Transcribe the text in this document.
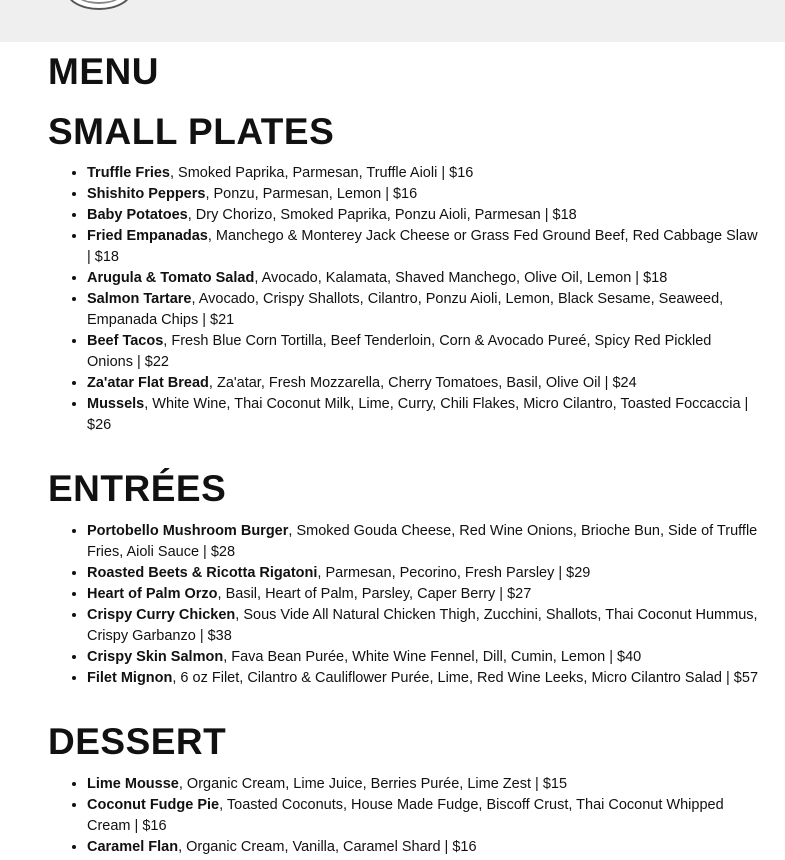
MENU
SMALL PLATES
• Truffle Fries, Smoked Paprika, Parmesan, Truffle Aioli | $16
• Shishito Peppers, Ponzu, Parmesan, Lemon | $16
• Baby Potatoes, Dry Chorizo, Smoked Paprika, Ponzu Aioli, Parmesan | $18
• Fried Empanadas, Manchego & Monterey Jack Cheese or Grass Fed Ground Beef, Red Cabbage Slaw | $18
• Arugula & Tomato Salad, Avocado, Kalamata, Shaved Manchego, Olive Oil, Lemon | $18
• Salmon Tartare, Avocado, Crispy Shallots, Cilantro, Ponzu Aioli, Lemon, Black Sesame, Seaweed, Empanada Chips | $21
• Beef Tacos, Fresh Blue Corn Tortilla, Beef Tenderloin, Corn & Avocado Pureé, Spicy Red Pickled Onions | $22
• Za'atar Flat Bread, Za'atar, Fresh Mozzarella, Cherry Tomatoes, Basil, Olive Oil | $24
• Mussels, White Wine, Thai Coconut Milk, Lime, Curry, Chili Flakes, Micro Cilantro, Toasted Foccaccia | $26
ENTRÉES
• Portobello Mushroom Burger, Smoked Gouda Cheese, Red Wine Onions, Brioche Bun, Side of Truffle Fries, Aioli Sauce | $28
• Roasted Beets & Ricotta Rigatoni, Parmesan, Pecorino, Fresh Parsley | $29
• Heart of Palm Orzo, Basil, Heart of Palm, Parsley, Caper Berry | $27
• Crispy Curry Chicken, Sous Vide All Natural Chicken Thigh, Zucchini, Shallots, Thai Coconut Hummus, Crispy Garbanzo | $38
• Crispy Skin Salmon, Fava Bean Purée, White Wine Fennel, Dill, Cumin, Lemon | $40
• Filet Mignon, 6 oz Filet, Cilantro & Cauliflower Purée, Lime, Red Wine Leeks, Micro Cilantro Salad | $57
DESSERT
• Lime Mousse, Organic Cream, Lime Juice, Berries Purée, Lime Zest | $15
• Coconut Fudge Pie, Toasted Coconuts, House Made Fudge, Biscoff Crust, Thai Coconut Whipped Cream | $16
• Caramel Flan, Organic Cream, Vanilla, Caramel Shard | $16
